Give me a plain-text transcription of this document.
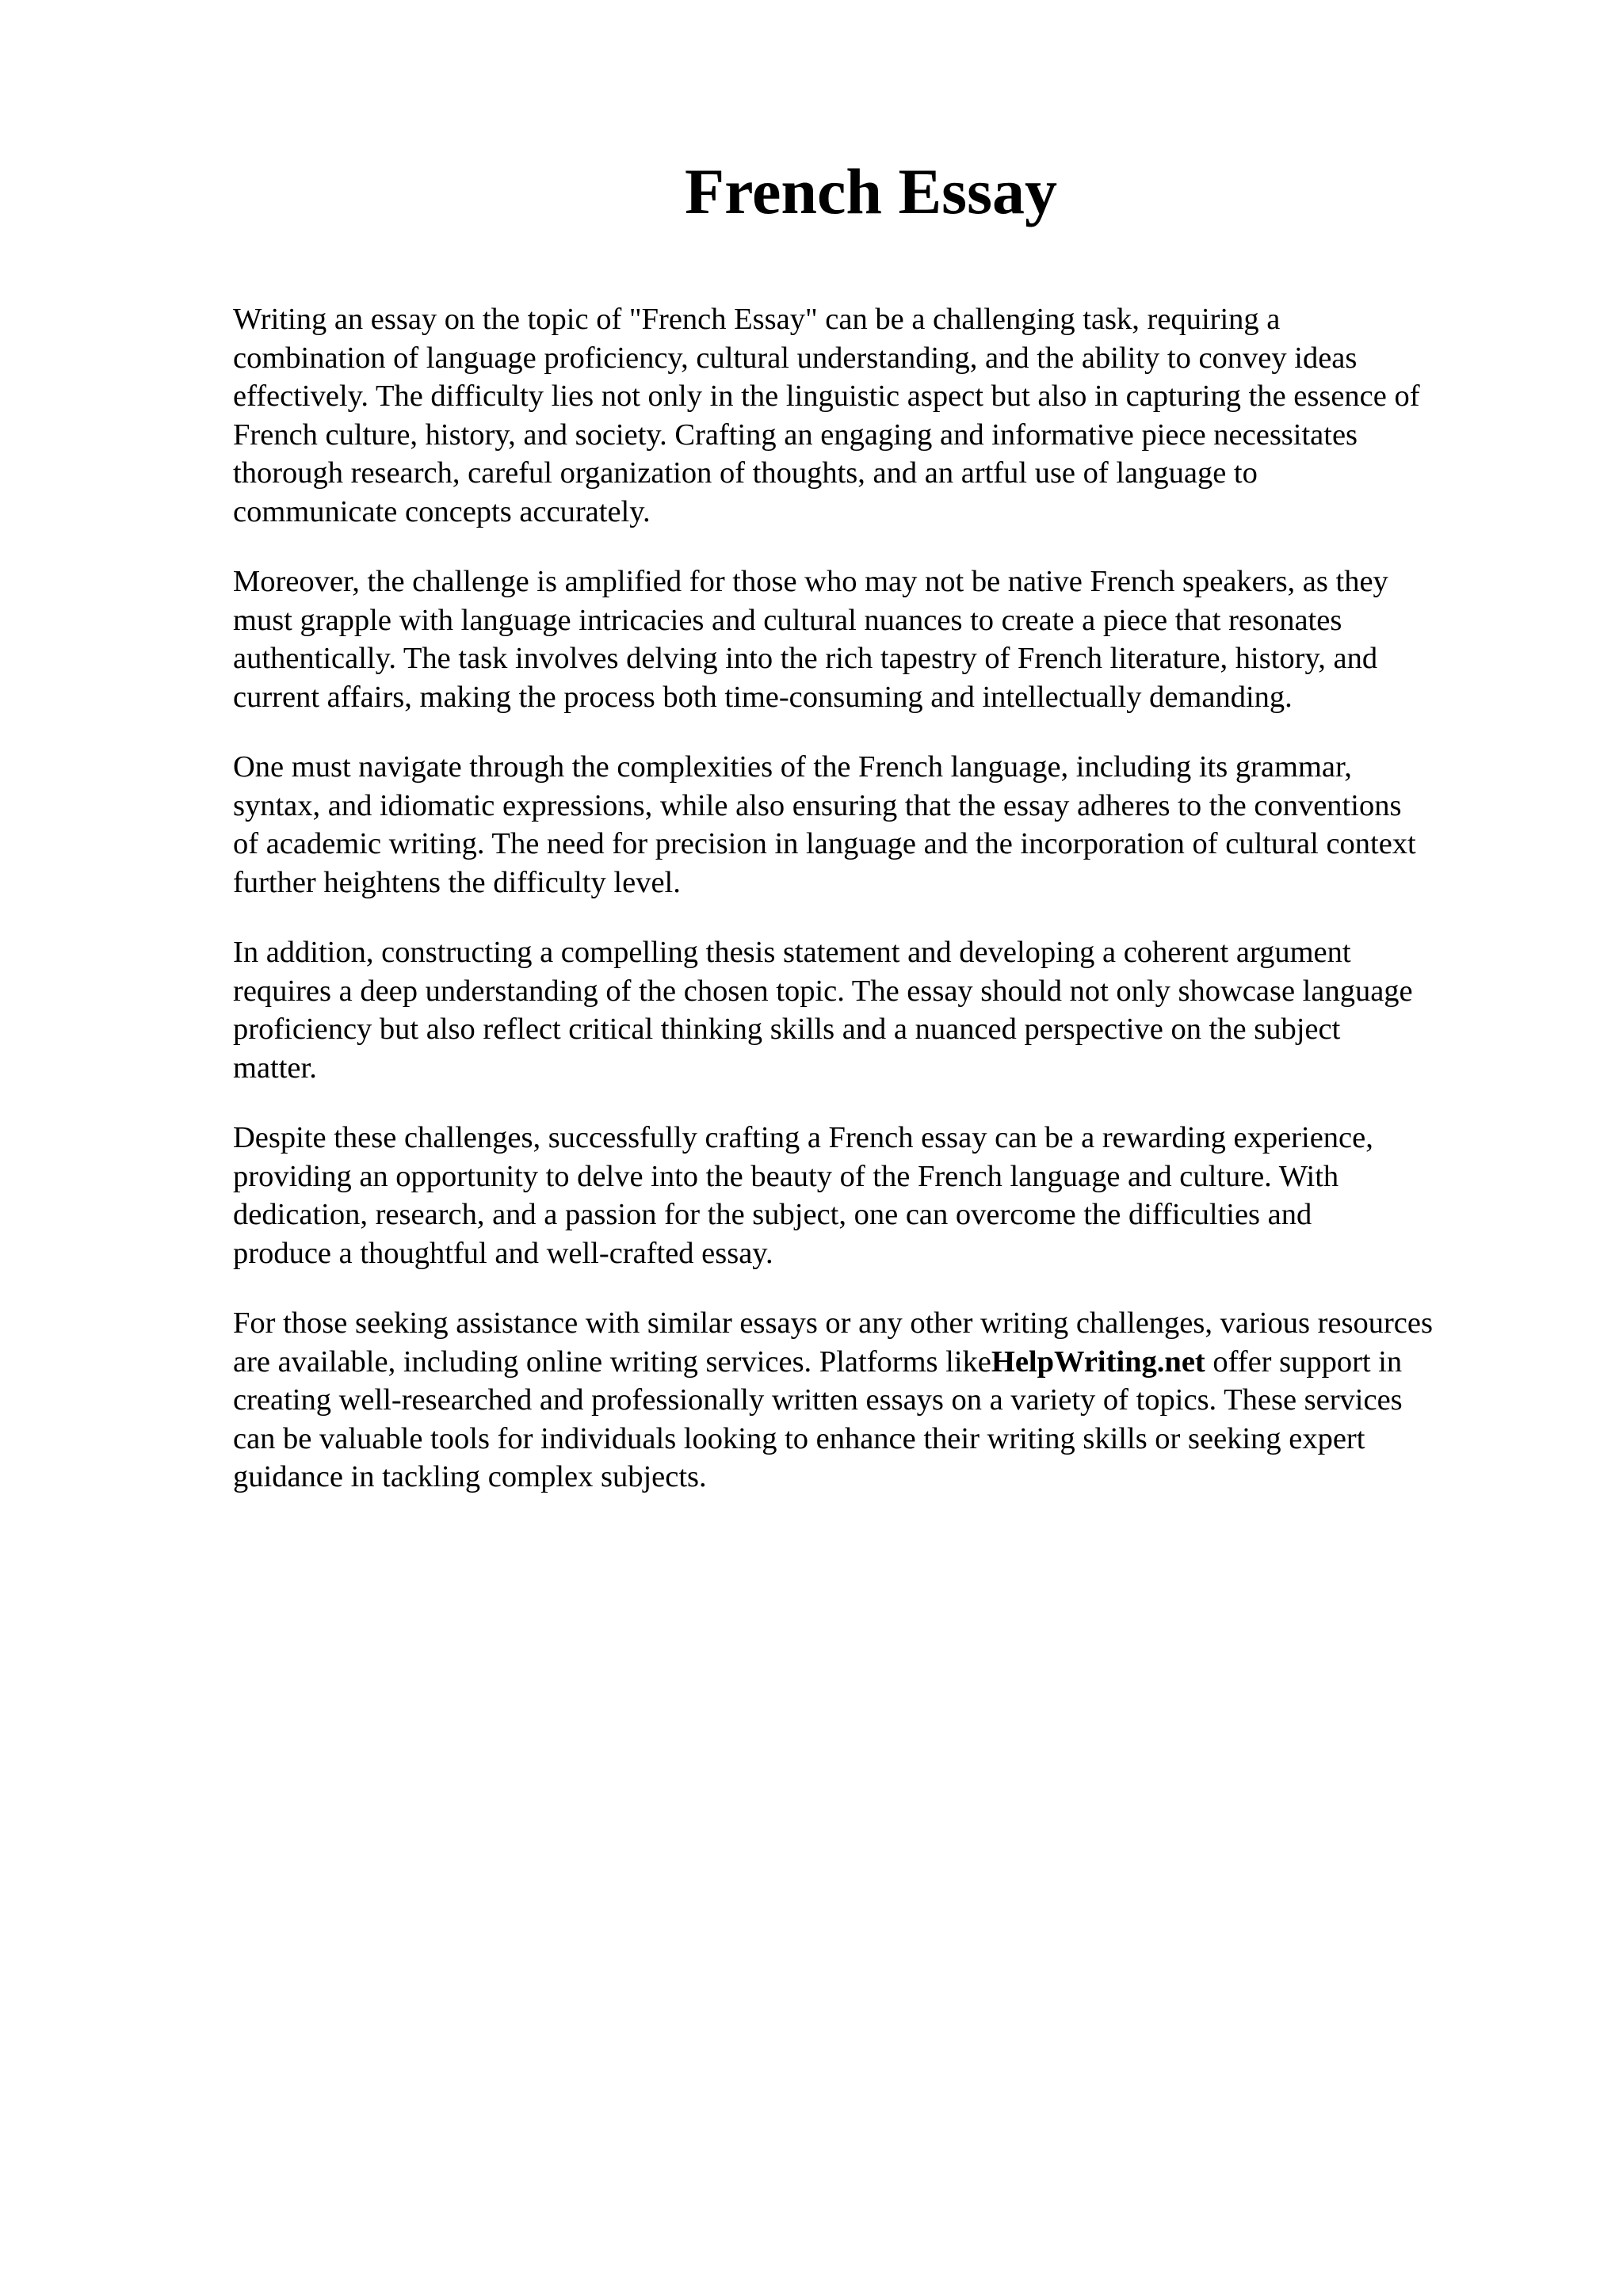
French Essay

Writing an essay on the topic of "French Essay" can be a challenging task, requiring a
combination of language proficiency, cultural understanding, and the ability to convey ideas
effectively. The difficulty lies not only in the linguistic aspect but also in capturing the essence of
French culture, history, and society. Crafting an engaging and informative piece necessitates
thorough research, careful organization of thoughts, and an artful use of language to
communicate concepts accurately.

Moreover, the challenge is amplified for those who may not be native French speakers, as they
must grapple with language intricacies and cultural nuances to create a piece that resonates
authentically. The task involves delving into the rich tapestry of French literature, history, and
current affairs, making the process both time-consuming and intellectually demanding.

One must navigate through the complexities of the French language, including its grammar,
syntax, and idiomatic expressions, while also ensuring that the essay adheres to the conventions
of academic writing. The need for precision in language and the incorporation of cultural context
further heightens the difficulty level.

In addition, constructing a compelling thesis statement and developing a coherent argument
requires a deep understanding of the chosen topic. The essay should not only showcase language
proficiency but also reflect critical thinking skills and a nuanced perspective on the subject
matter.

Despite these challenges, successfully crafting a French essay can be a rewarding experience,
providing an opportunity to delve into the beauty of the French language and culture. With
dedication, research, and a passion for the subject, one can overcome the difficulties and
produce a thoughtful and well-crafted essay.

For those seeking assistance with similar essays or any other writing challenges, various resources
are available, including online writing services. Platforms likeHelpWriting.net offer support in
creating well-researched and professionally written essays on a variety of topics. These services
can be valuable tools for individuals looking to enhance their writing skills or seeking expert
guidance in tackling complex subjects.
